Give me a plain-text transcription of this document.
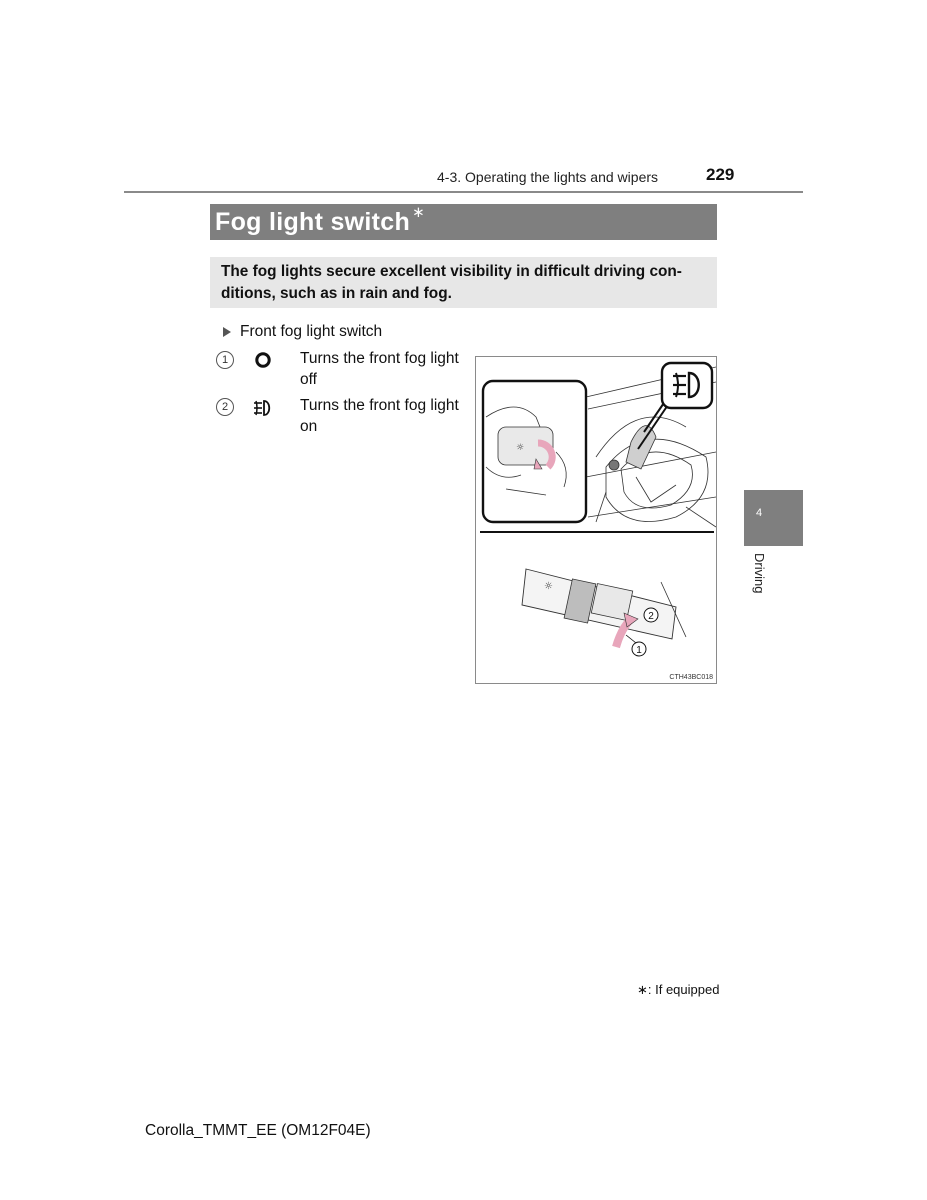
4-3. Operating the lights and wipers	229
Fog light switch ∗
The fog lights secure excellent visibility in difficult driving con-ditions, such as in rain and fog.
Front fog light switch
1	Turns the front fog light off
2	Turns the front fog light on
☼
☼
2
1
CTH43BC018
4
Driving
∗: If equipped
Corolla_TMMT_EE (OM12F04E)
